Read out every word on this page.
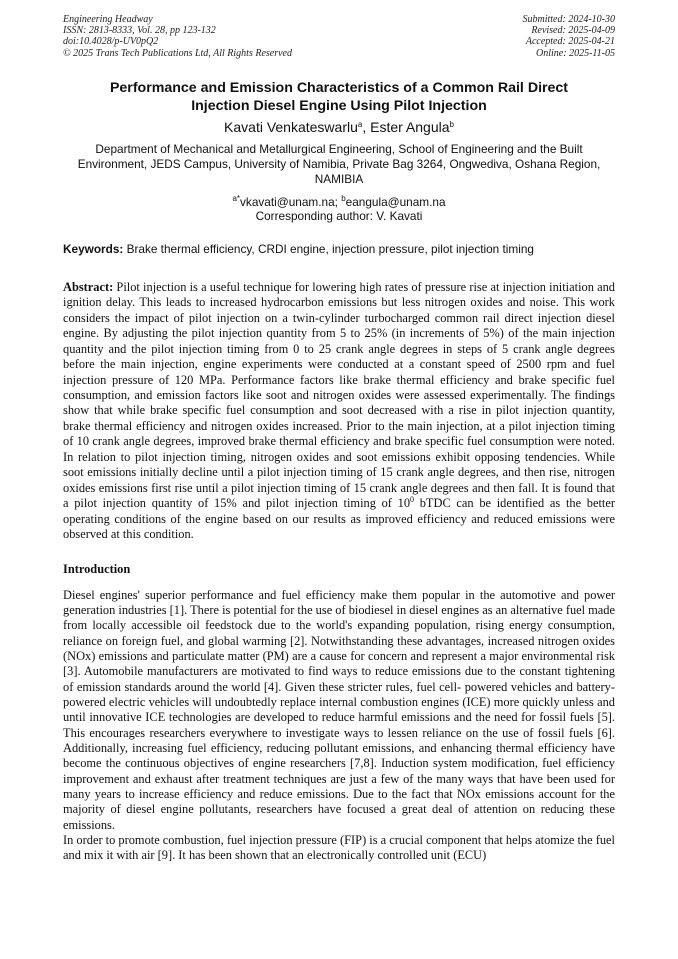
Engineering Headway
ISSN: 2813-8333, Vol. 28, pp 123-132
doi:10.4028/p-UV0pQ2
© 2025 Trans Tech Publications Ltd, All Rights Reserved
Submitted: 2024-10-30
Revised: 2025-04-09
Accepted: 2025-04-21
Online: 2025-11-05
Performance and Emission Characteristics of a Common Rail Direct
Injection Diesel Engine Using Pilot Injection
Kavati Venkateswarlu$^a$, Ester Angula$^b$
Department of Mechanical and Metallurgical Engineering, School of Engineering and the Built Environment, JEDS Campus, University of Namibia, Private Bag 3264, Ongwediva, Oshana Region, NAMIBIA
$^{a*}$vkavati@unam.na; $^b$eangula@unam.na
Corresponding author: V. Kavati
Keywords: Brake thermal efficiency, CRDI engine, injection pressure, pilot injection timing
Abstract: Pilot injection is a useful technique for lowering high rates of pressure rise at injection initiation and ignition delay. This leads to increased hydrocarbon emissions but less nitrogen oxides and noise. This work considers the impact of pilot injection on a twin-cylinder turbocharged common rail direct injection diesel engine. By adjusting the pilot injection quantity from 5 to 25% (in increments of 5%) of the main injection quantity and the pilot injection timing from 0 to 25 crank angle degrees in steps of 5 crank angle degrees before the main injection, engine experiments were conducted at a constant speed of 2500 rpm and fuel injection pressure of 120 MPa. Performance factors like brake thermal efficiency and brake specific fuel consumption, and emission factors like soot and nitrogen oxides were assessed experimentally. The findings show that while brake specific fuel consumption and soot decreased with a rise in pilot injection quantity, brake thermal efficiency and nitrogen oxides increased. Prior to the main injection, at a pilot injection timing of 10 crank angle degrees, improved brake thermal efficiency and brake specific fuel consumption were noted. In relation to pilot injection timing, nitrogen oxides and soot emissions exhibit opposing tendencies. While soot emissions initially decline until a pilot injection timing of 15 crank angle degrees, and then rise, nitrogen oxides emissions first rise until a pilot injection timing of 15 crank angle degrees and then fall. It is found that a pilot injection quantity of 15% and pilot injection timing of $10^0$ bTDC can be identified as the better operating conditions of the engine based on our results as improved efficiency and reduced emissions were observed at this condition.
Introduction

Diesel engines' superior performance and fuel efficiency make them popular in the automotive and power generation industries [1]. There is potential for the use of biodiesel in diesel engines as an alternative fuel made from locally accessible oil feedstock due to the world's expanding population, rising energy consumption, reliance on foreign fuel, and global warming [2]. Notwithstanding these advantages, increased nitrogen oxides (NOx) emissions and particulate matter (PM) are a cause for concern and represent a major environmental risk [3]. Automobile manufacturers are motivated to find ways to reduce emissions due to the constant tightening of emission standards around the world [4]. Given these stricter rules, fuel cell- powered vehicles and battery-powered electric vehicles will undoubtedly replace internal combustion engines (ICE) more quickly unless and until innovative ICE technologies are developed to reduce harmful emissions and the need for fossil fuels [5]. This encourages researchers everywhere to investigate ways to lessen reliance on the use of fossil fuels [6]. Additionally, increasing fuel efficiency, reducing pollutant emissions, and enhancing thermal efficiency have become the continuous objectives of engine researchers [7,8]. Induction system modification, fuel efficiency improvement and exhaust after treatment techniques are just a few of the many ways that have been used for many years to increase efficiency and reduce emissions. Due to the fact that NOx emissions account for the majority of diesel engine pollutants, researchers have focused a great deal of attention on reducing these emissions.

In order to promote combustion, fuel injection pressure (FIP) is a crucial component that helps atomize the fuel and mix it with air [9]. It has been shown that an electronically controlled unit (ECU)
